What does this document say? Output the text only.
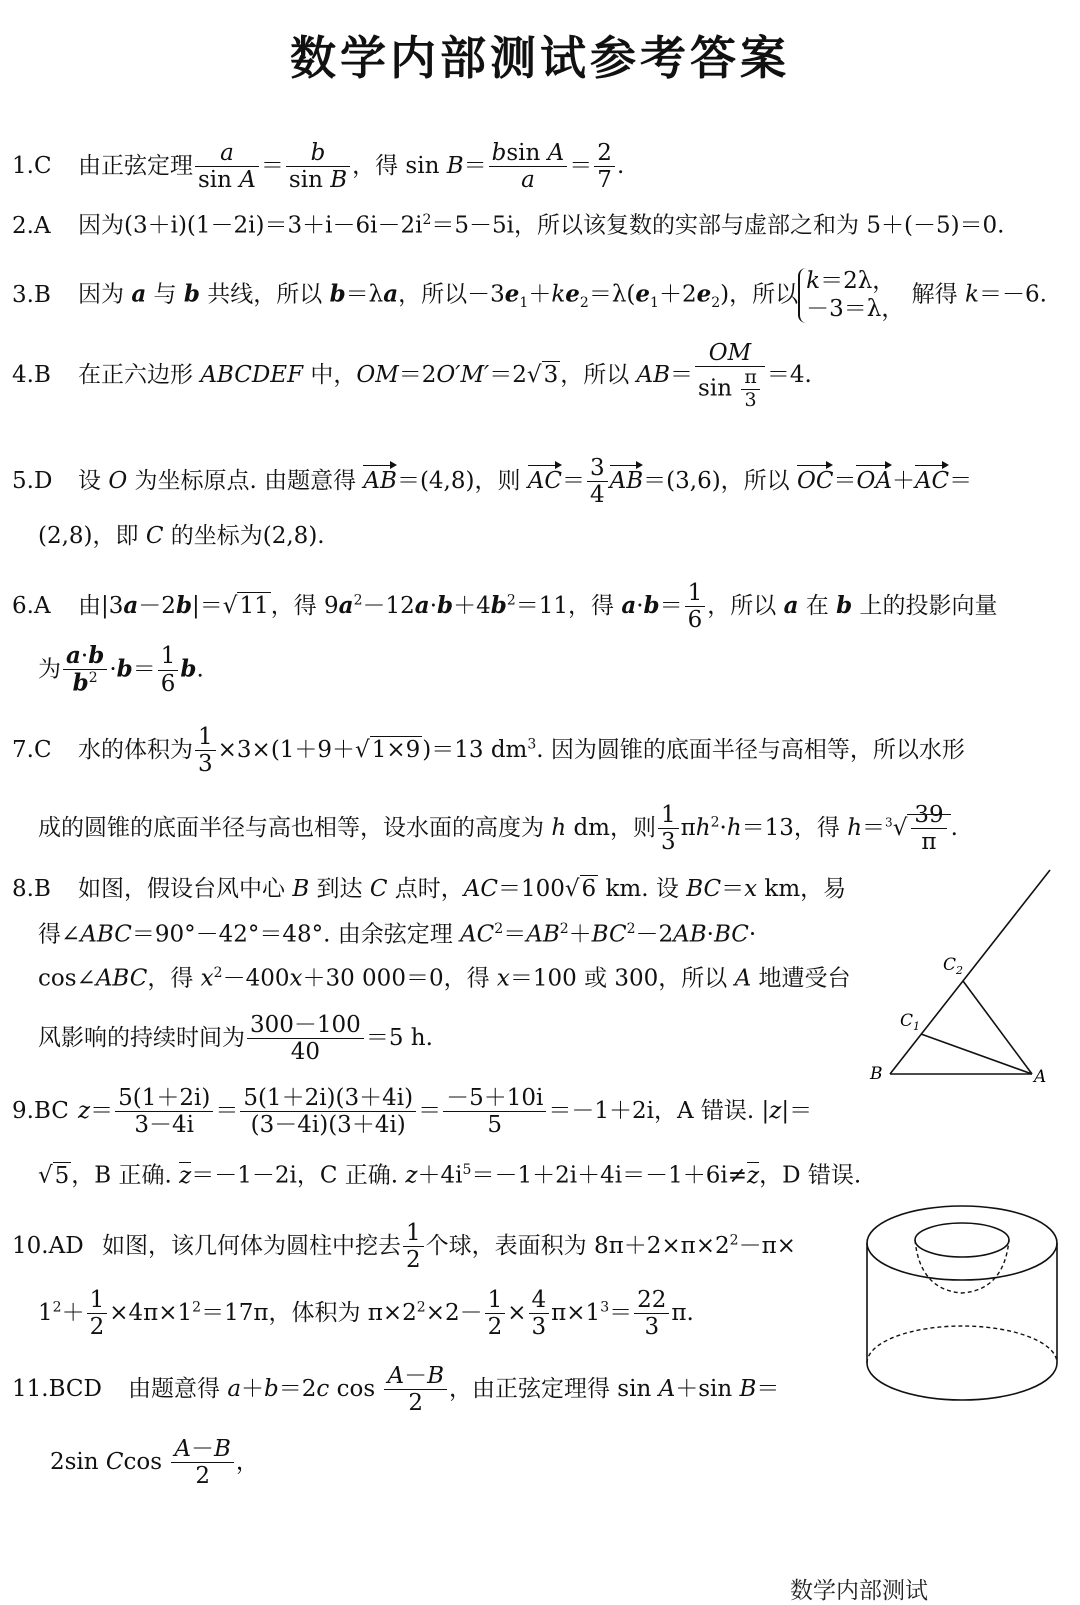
数学内部测试参考答案
1.C 由正弦定理 $\frac{a}{\text{sin A}} = \frac{b}{\text{sin B}}$ ，得 $\sin B= \frac{\text{bsin A}}{a} = \frac{2}{7}$ .
2.A 因为$(3+i)(1-2i)=3+i-6i-2i^2=5-5i$，所以该复数的实部与虚部之和为 5＋(－5)＝0.
3.B 因为 a 与 b 共线，所以 b＝λa，所以$-3e_1+ke_2=\lambda(e_1+2e_2)$，所以k＝2λ，
－3＝λ， 解得 k＝－6.
4.B 在正六边形 ABCDEF 中，OM＝2O′M′＝2√3，所以 $AB= \frac{OM}{\sin \frac{\pi}{3}} =4$.
5.D 设 O 为坐标原点. 由题意得 AB＝(4,8)，则 $AC= \frac{3}{4} AB=(3,6)$，所以 OC＝OA＋AC＝
(2,8)，即 C 的坐标为(2,8).
6.A 由|3a－2b|＝√11，得 $9a^2-12a\cdot b+4b^2=11$，得 $a\cdot b= \frac{1}{6}$ ，所以 a 在 b 上的投影向量
为 $\frac{a\cdot b}{b^2} \cdot b= \frac{1}{6} b$.
7.C 水的体积为 $\frac{1}{3} \times 3\times(1+9+√1\times 9)=13$ $dm^3$. 因为圆锥的底面半径与高相等，所以水形
成的圆锥的底面半径与高也相等，设水面的高度为 h dm，则 $\frac{1}{3} \pi h^2\cdot h=13$，得 $h=^3√ \frac{39}{\pi}$ .
8.B 如图，假设台风中心 B 到达 C 点时，AC＝100√6 km. 设 BC＝x km，易
得∠ABC＝90°－42°＝48°. 由余弦定理 $AC^2=AB^2+BC^2-2AB\cdot BC\cdot$
cos∠ABC，得 $x^2-400x+30$ 000＝0，得 x＝100 或 300，所以 A 地遭受台
风影响的持续时间为 $\frac{300-100}{40} =5$ h.
9.BC $z= \frac{5(1+2i)}{3-4i} = \frac{5(1+2i)(3+4i)}{(3-4i)(3+4i)} = \frac{-5+10i}{5} =-1+2i$，A 错误. |z|＝
√5，B 正确. z＝－1－2i，C 正确. $z+4i^5=-1+2i+4i=-1+6i\ne z$，D 错误.
10.AD 如图，该几何体为圆柱中挖去 $\frac{1}{2}$ 个球，表面积为 $8\pi+2\times\pi\times 2^2-\pi\times$
$1^2+ \frac{1}{2} \times 4\pi\times 1^2=17\pi$，体积为 $\pi\times 2^2\times 2- \frac{1}{2} \times \frac{4}{3} \pi\times 1^3= \frac{22}{3} \pi$.
11.BCD 由题意得 a＋b＝2c $\cos \frac{A-B}{2}$ ，由正弦定理得 sin A＋sin B＝
2sin Ccos $\frac{A-B}{2}$ ，
$C_2$
$C_1$
B	A
数学内部测试
